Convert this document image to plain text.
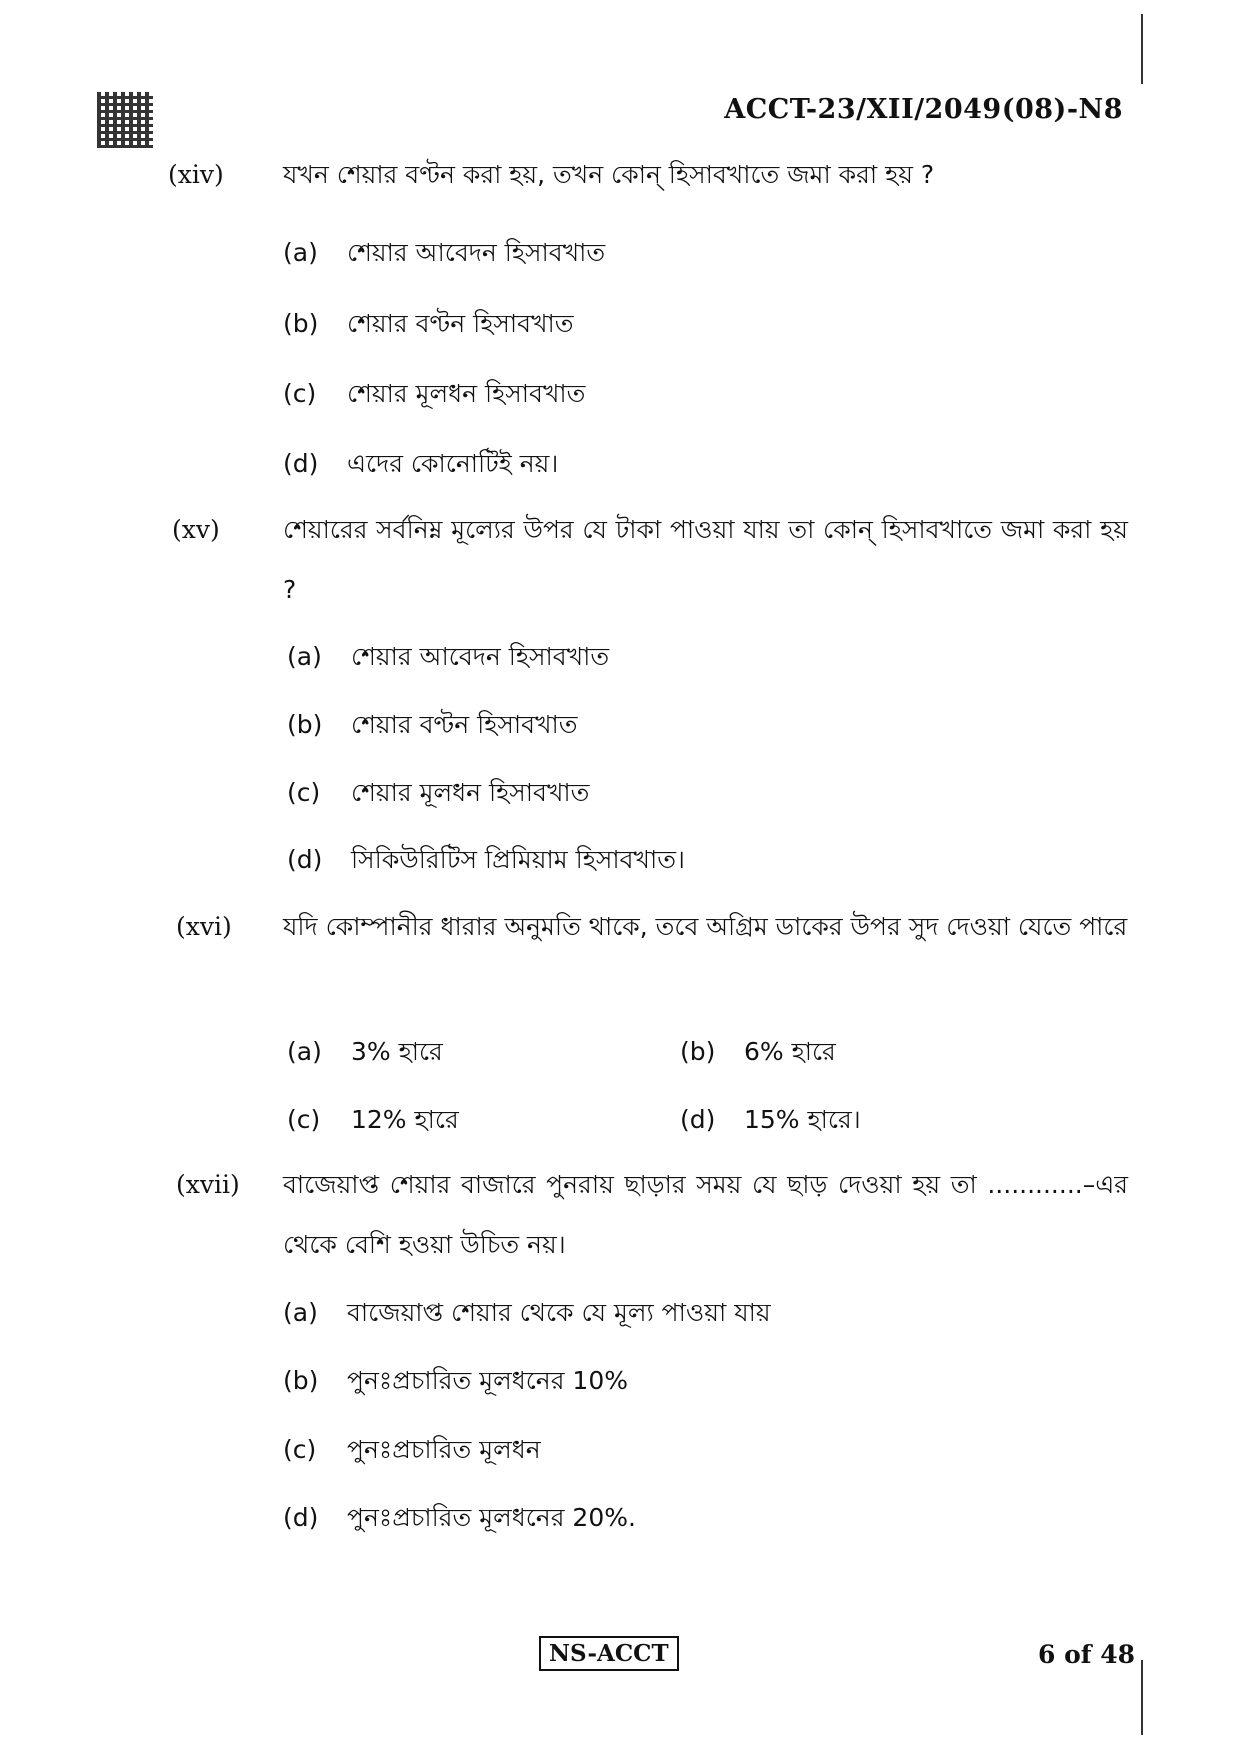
ACCT-23/XII/2049(08)-N8
(xiv) যখন শেয়ার বণ্টন করা হয়, তখন কোন্ হিসাবখাতে জমা করা হয় ?
(a) শেয়ার আবেদন হিসাবখাত
(b) শেয়ার বণ্টন হিসাবখাত
(c) শেয়ার মূলধন হিসাবখাত
(d) এদের কোনোটিই নয়।
(xv)	শেয়ারের সর্বনিম্ন মূল্যের উপর যে টাকা পাওয়া যায় তা কোন্ হিসাবখাতে জমা করা হয় ?
(a) শেয়ার আবেদন হিসাবখাত
(b) শেয়ার বণ্টন হিসাবখাত
(c) শেয়ার মূলধন হিসাবখাত
(d) সিকিউরিটিস প্রিমিয়াম হিসাবখাত।
(xvi) যদি কোম্পানীর ধারার অনুমতি থাকে, তবে অগ্রিম ডাকের উপর সুদ দেওয়া যেতে পারে
(a) 3% হারে	(b) 6% হারে
(c) 12% হারে	(d) 15% হারে।
(xvii) বাজেয়াপ্ত শেয়ার বাজারে পুনরায় ছাড়ার সময় যে ছাড় দেওয়া হয় তা ............–এর থেকে বেশি হওয়া উচিত নয়।
(a) বাজেয়াপ্ত শেয়ার থেকে যে মূল্য পাওয়া যায়
(b) পুনঃপ্রচারিত মূলধনের 10%
(c) পুনঃপ্রচারিত মূলধন
(d) পুনঃপ্রচারিত মূলধনের 20%.
NS-ACCT	6 of 48
